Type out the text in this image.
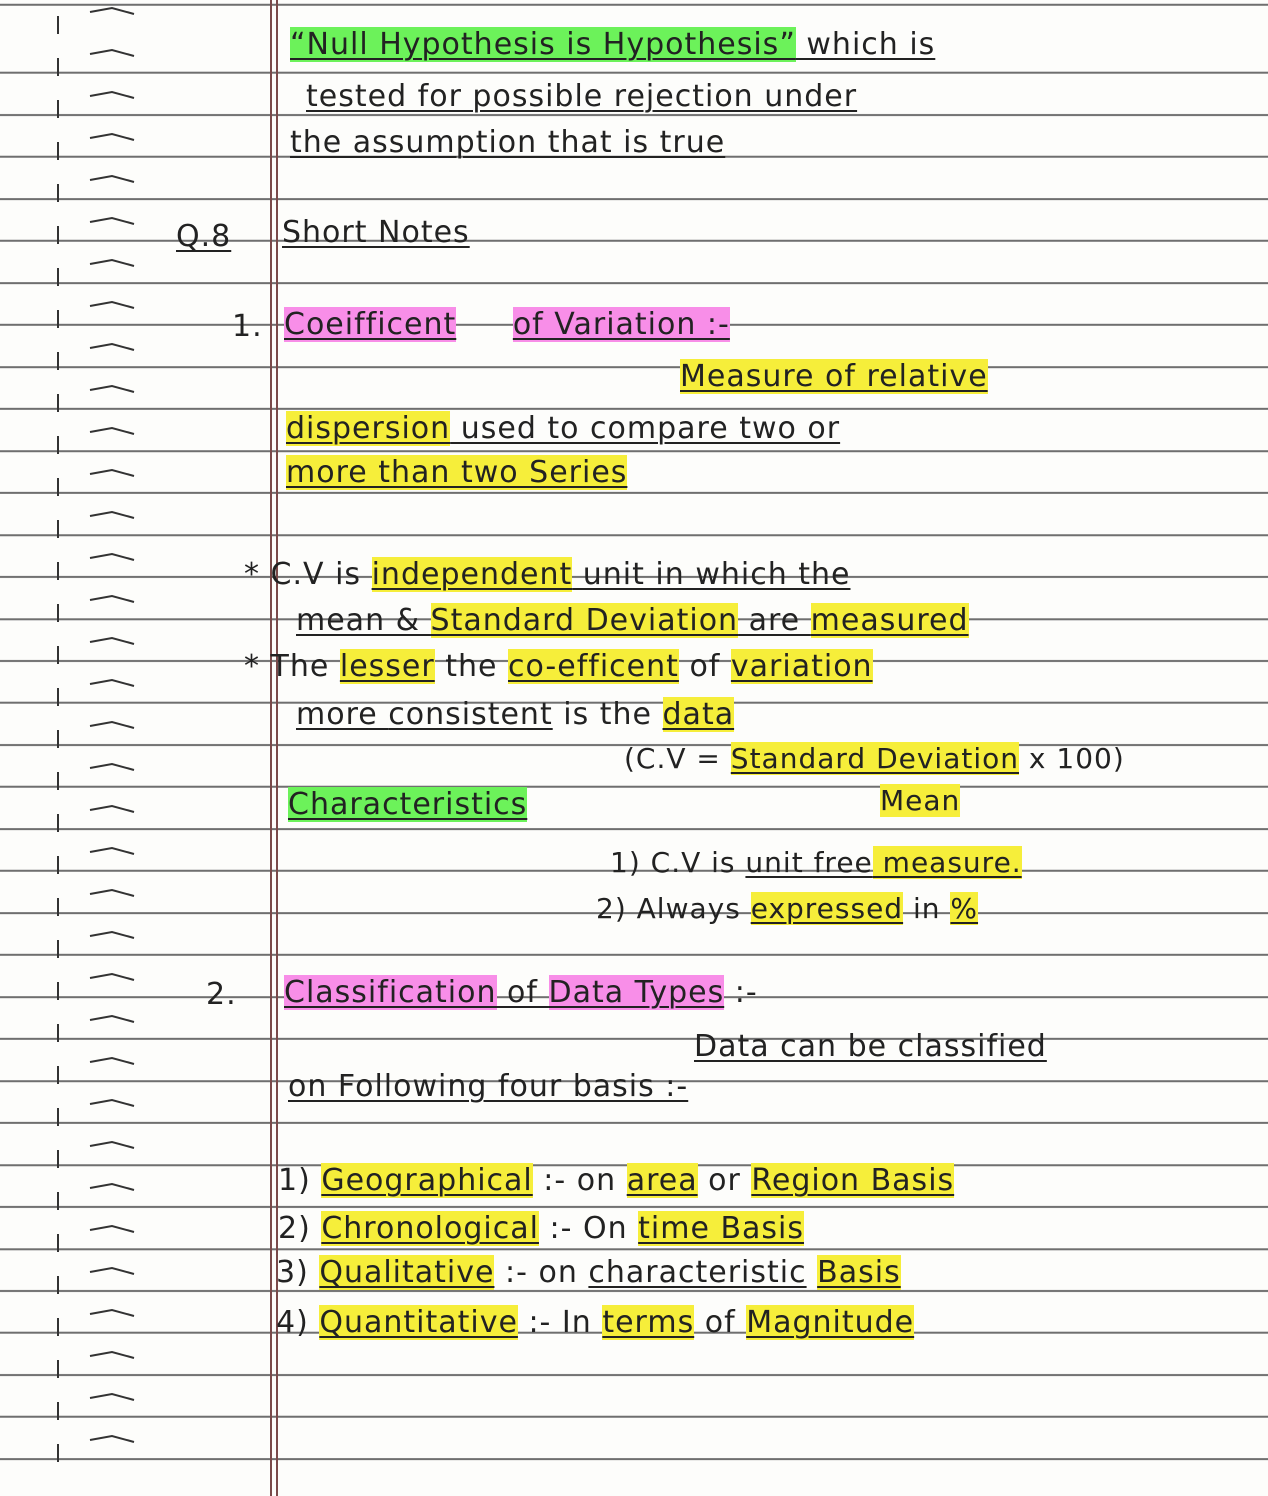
“Null Hypothesis is Hypothesis” which is
tested for possible rejection under
the assumption that is true
Q.8 Short Notes
1. Coeifficent of Variation :-
Measure of relative
dispersion used to compare two or
more than two Series
* C.V is independent unit in which the
mean & Standard Deviation are measured
* The lesser the co-efficent of variation
more consistent is the data
(C.V = Standard Deviation x 100)
Mean
Characteristics
1) C.V is unit free measure.
2) Always expressed in %
2. Classification of Data Types :-
Data can be classified
on Following four basis :-
1) Geographical :- on area or Region Basis
2) Chronological :- On time Basis
3) Qualitative :- on characteristic Basis
4) Quantitative :- In terms of Magnitude
